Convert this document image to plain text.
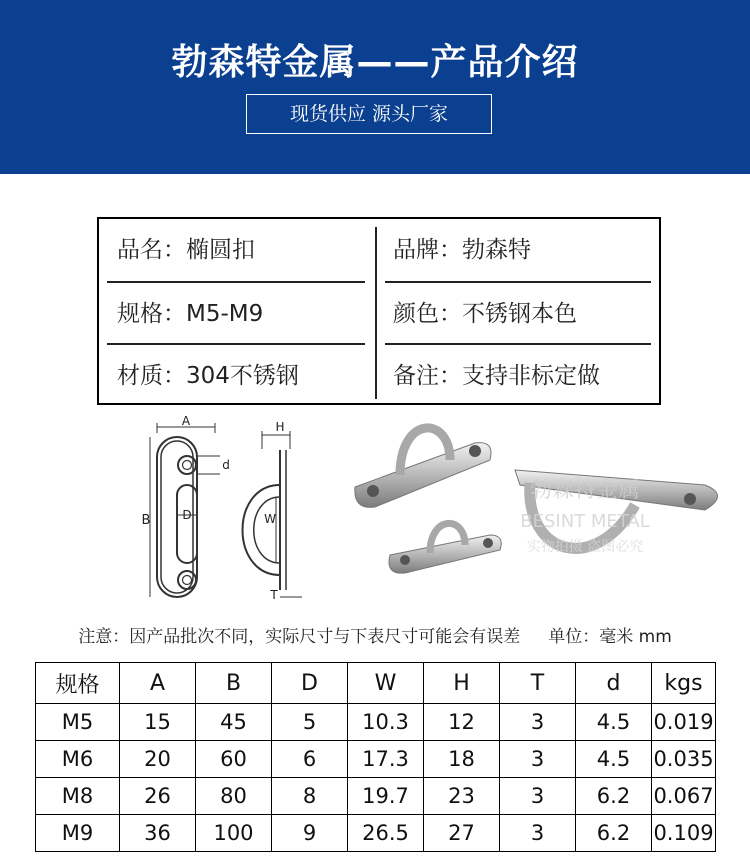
勃森特金属——产品介绍
现货供应 源头厂家
品名：椭圆扣	品牌：勃森特
规格：M5-M9	颜色：不锈钢本色
材质：304不锈钢	备注：支持非标定做
A
B	D
d
H
W
T
勃森特金属
BESINT METAL
实物拍摄 盗图必究
注意：因产品批次不同，实际尺寸与下表尺寸可能会有误差 单位：毫米 mm
规格	A	B	D	W	H	T	d	kgs
M5	15	45	5	10.3	12	3	4.5	0.019
M6	20	60	6	17.3	18	3	4.5	0.035
M8	26	80	8	19.7	23	3	6.2	0.067
M9	36	100	9	26.5	27	3	6.2	0.109
